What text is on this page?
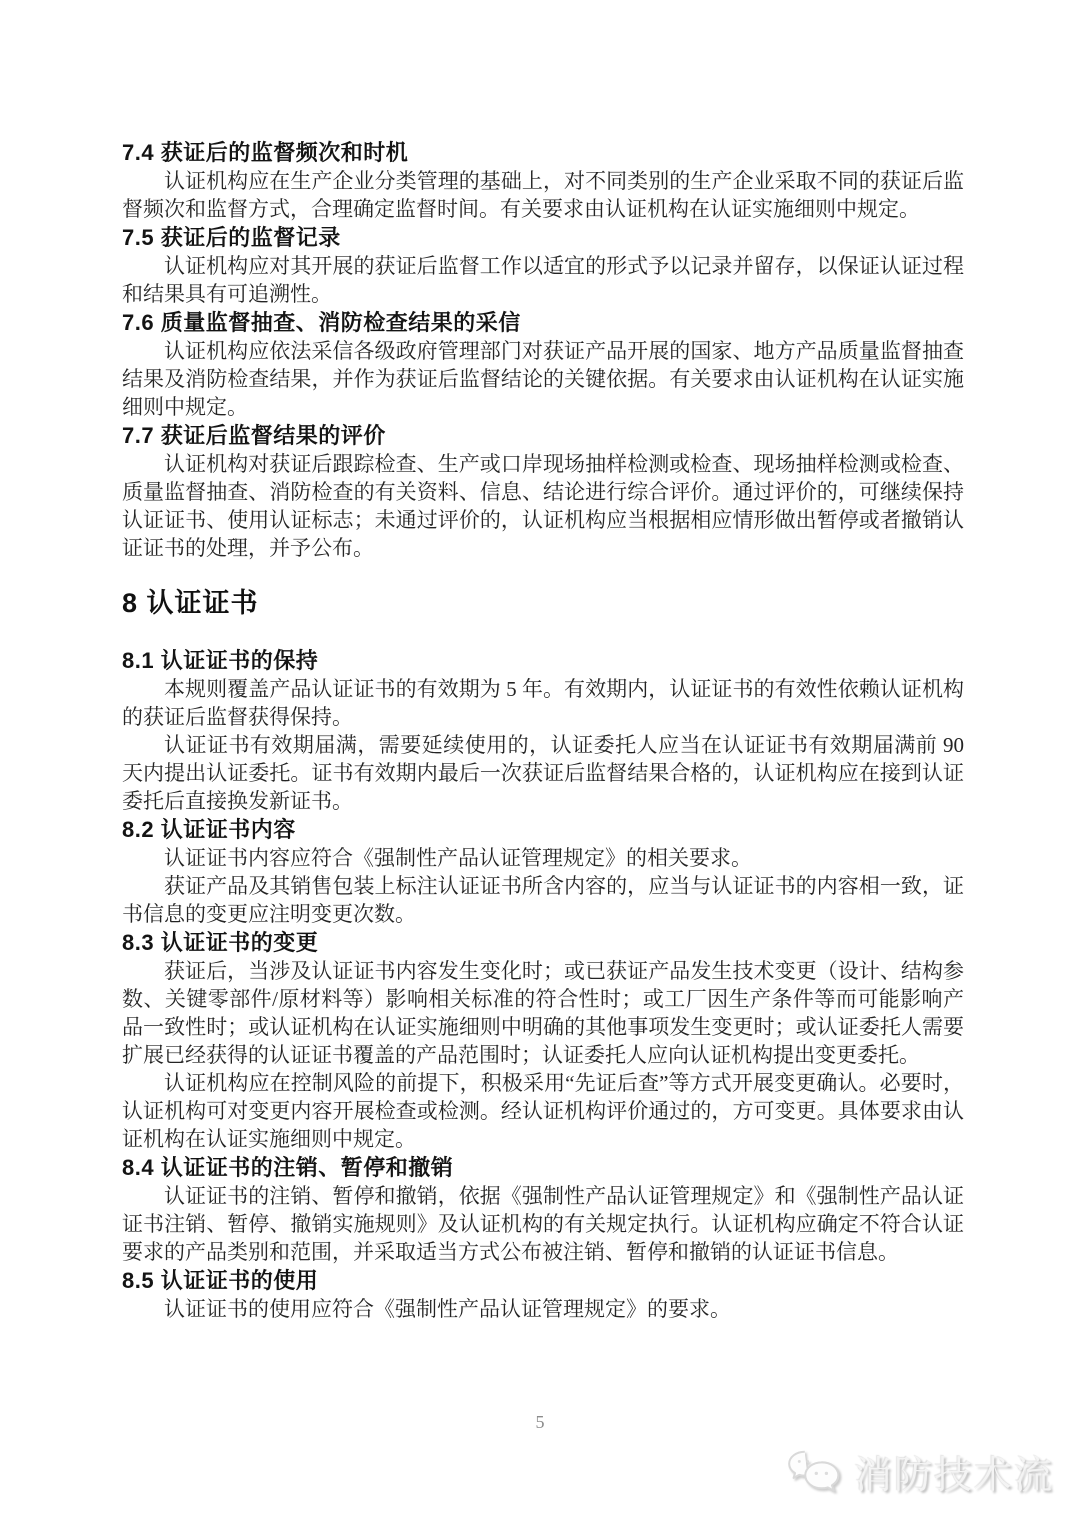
7.4 获证后的监督频次和时机

认证机构应在生产企业分类管理的基础上，对不同类别的生产企业采取不同的获证后监督频次和监督方式，合理确定监督时间。有关要求由认证机构在认证实施细则中规定。

7.5 获证后的监督记录

认证机构应对其开展的获证后监督工作以适宜的形式予以记录并留存，以保证认证过程和结果具有可追溯性。

7.6 质量监督抽查、消防检查结果的采信

认证机构应依法采信各级政府管理部门对获证产品开展的国家、地方产品质量监督抽查结果及消防检查结果，并作为获证后监督结论的关键依据。有关要求由认证机构在认证实施细则中规定。

7.7 获证后监督结果的评价

认证机构对获证后跟踪检查、生产或口岸现场抽样检测或检查、现场抽样检测或检查、质量监督抽查、消防检查的有关资料、信息、结论进行综合评价。通过评价的，可继续保持认证证书、使用认证标志；未通过评价的，认证机构应当根据相应情形做出暂停或者撤销认证证书的处理，并予公布。

8 认证证书
8.1 认证证书的保持

本规则覆盖产品认证证书的有效期为 5 年。有效期内，认证证书的有效性依赖认证机构的获证后监督获得保持。

认证证书有效期届满，需要延续使用的，认证委托人应当在认证证书有效期届满前 90 天内提出认证委托。证书有效期内最后一次获证后监督结果合格的，认证机构应在接到认证委托后直接换发新证书。

8.2 认证证书内容

认证证书内容应符合《强制性产品认证管理规定》的相关要求。

获证产品及其销售包装上标注认证证书所含内容的，应当与认证证书的内容相一致，证书信息的变更应注明变更次数。

8.3 认证证书的变更

获证后，当涉及认证证书内容发生变化时；或已获证产品发生技术变更（设计、结构参数、关键零部件/原材料等）影响相关标准的符合性时；或工厂因生产条件等而可能影响产品一致性时；或认证机构在认证实施细则中明确的其他事项发生变更时；或认证委托人需要扩展已经获得的认证证书覆盖的产品范围时；认证委托人应向认证机构提出变更委托。

认证机构应在控制风险的前提下，积极采用“先证后查”等方式开展变更确认。必要时，认证机构可对变更内容开展检查或检测。经认证机构评价通过的，方可变更。具体要求由认证机构在认证实施细则中规定。

8.4 认证证书的注销、暂停和撤销

认证证书的注销、暂停和撤销，依据《强制性产品认证管理规定》和《强制性产品认证证书注销、暂停、撤销实施规则》及认证机构的有关规定执行。认证机构应确定不符合认证要求的产品类别和范围，并采取适当方式公布被注销、暂停和撤销的认证证书信息。

8.5 认证证书的使用

认证证书的使用应符合《强制性产品认证管理规定》的要求。

5
消防技术流
